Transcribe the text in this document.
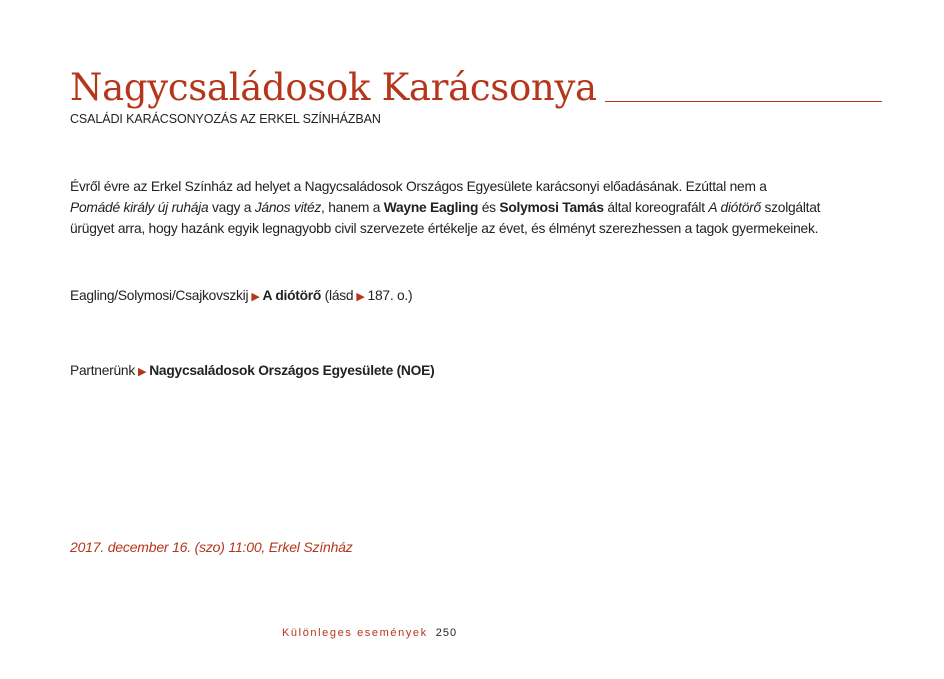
Nagycsaládosok Karácsonya
CSALÁDI KARÁCSONYOZÁS AZ ERKEL SZÍNHÁZBAN
Évről évre az Erkel Színház ad helyet a Nagycsaládosok Országos Egyesülete karácsonyi előadásának. Ezúttal nem a
Pomádé király új ruhája vagy a János vitéz, hanem a Wayne Eagling és Solymosi Tamás által koreografált A diótörő szolgáltat
ürügyet arra, hogy hazánk egyik legnagyobb civil szervezete értékelje az évet, és élményt szerezhessen a tagok gyermekeinek.
Eagling/Solymosi/Csajkovszkij ▶ A diótörő (lásd ▶ 187. o.)
Partnerünk ▶ Nagycsaládosok Országos Egyesülete (NOE)
2017. december 16. (szo) 11:00, Erkel Színház
Különleges események 250
